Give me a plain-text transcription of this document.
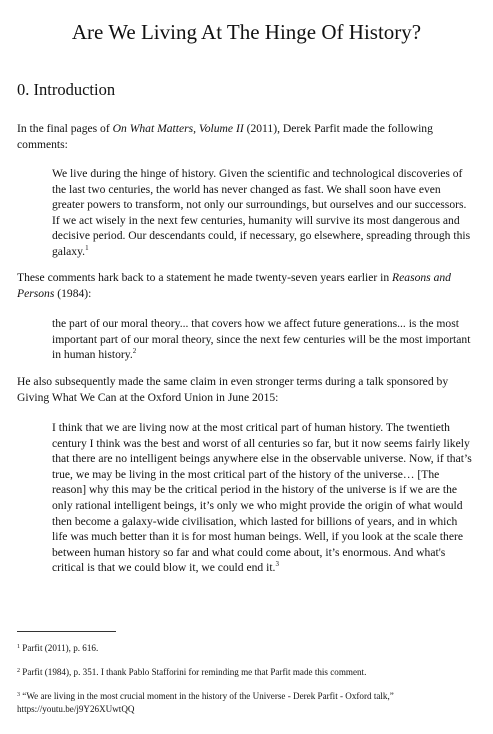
Are We Living At The Hinge Of History?
0. Introduction

In the final pages of On What Matters, Volume II (2011), Derek Parfit made the following comments:

We live during the hinge of history. Given the scientific and technological discoveries of the last two centuries, the world has never changed as fast. We shall soon have even greater powers to transform, not only our surroundings, but ourselves and our successors. If we act wisely in the next few centuries, humanity will survive its most dangerous and decisive period. Our descendants could, if necessary, go elsewhere, spreading through this galaxy.$^1$

These comments hark back to a statement he made twenty-seven years earlier in Reasons and Persons (1984):

the part of our moral theory... that covers how we affect future generations... is the most important part of our moral theory, since the next few centuries will be the most important in human history.$^2$

He also subsequently made the same claim in even stronger terms during a talk sponsored by Giving What We Can at the Oxford Union in June 2015:

I think that we are living now at the most critical part of human history. The twentieth century I think was the best and worst of all centuries so far, but it now seems fairly likely that there are no intelligent beings anywhere else in the observable universe. Now, if that’s true, we may be living in the most critical part of the history of the universe… [The reason] why this may be the critical period in the history of the universe is if we are the only rational intelligent beings, it’s only we who might provide the origin of what would then become a galaxy-wide civilisation, which lasted for billions of years, and in which life was much better than it is for most human beings. Well, if you look at the scale there between human history so far and what could come about, it’s enormous. And what's critical is that we could blow it, we could end it.$^3$

$^1$ Parfit (2011), p. 616.

$^2$ Parfit (1984), p. 351. I thank Pablo Stafforini for reminding me that Parfit made this comment.

$^3$ “We are living in the most crucial moment in the history of the Universe - Derek Parfit - Oxford talk,” https://youtu.be/j9Y26XUwtQQ
